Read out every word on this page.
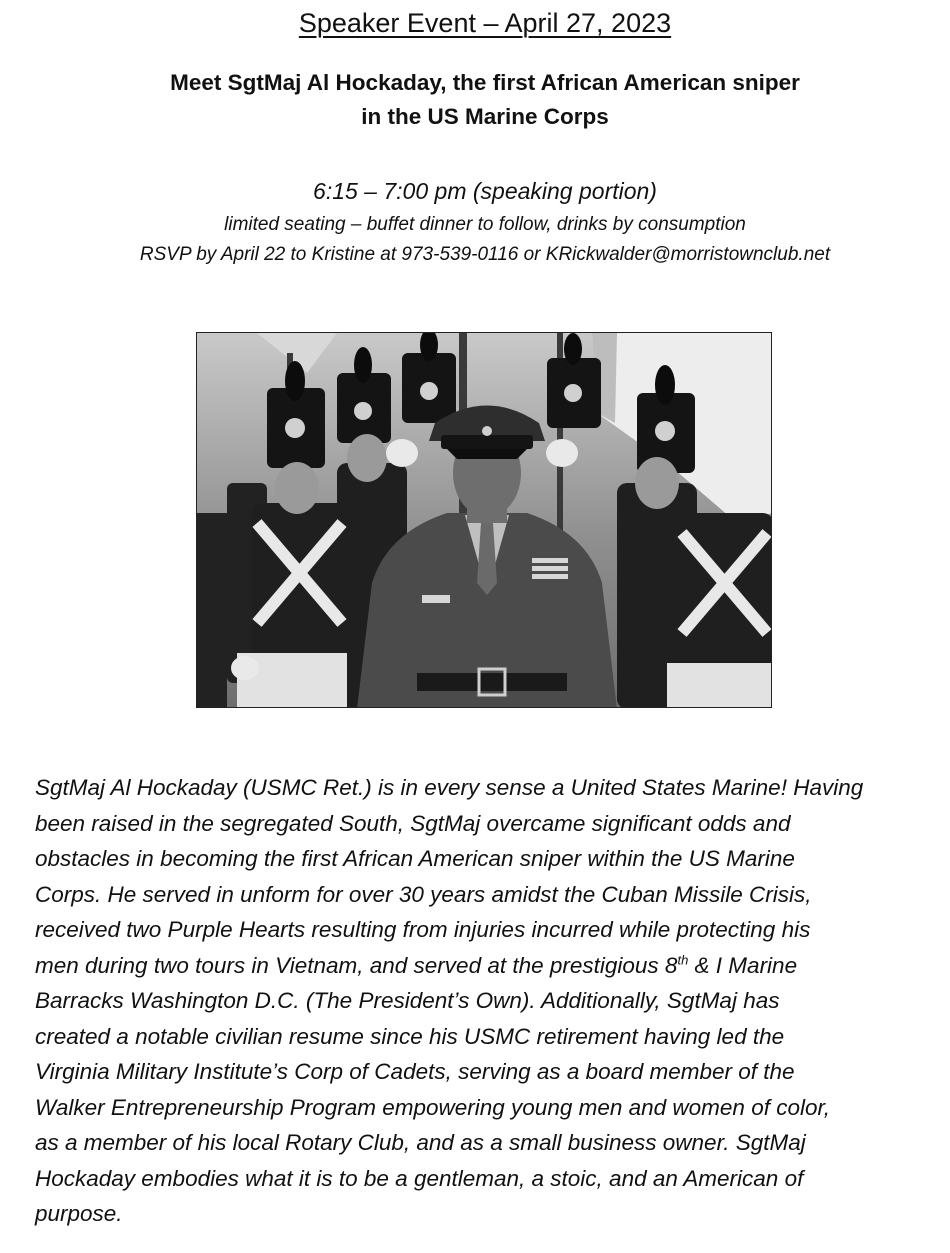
Speaker Event – April 27, 2023
Meet SgtMaj Al Hockaday, the first African American sniper
in the US Marine Corps
6:15 – 7:00 pm (speaking portion)
limited seating – buffet dinner to follow, drinks by consumption
RSVP by April 22 to Kristine at 973-539-0116 or KRickwalder@morristownclub.net
SgtMaj Al Hockaday (USMC Ret.) is in every sense a United States Marine! Having
been raised in the segregated South, SgtMaj overcame significant odds and
obstacles in becoming the first African American sniper within the US Marine
Corps. He served in unform for over 30 years amidst the Cuban Missile Crisis,
received two Purple Hearts resulting from injuries incurred while protecting his
men during two tours in Vietnam, and served at the prestigious 8th & I Marine
Barracks Washington D.C. (The President’s Own). Additionally, SgtMaj has
created a notable civilian resume since his USMC retirement having led the
Virginia Military Institute’s Corp of Cadets, serving as a board member of the
Walker Entrepreneurship Program empowering young men and women of color,
as a member of his local Rotary Club, and as a small business owner. SgtMaj
Hockaday embodies what it is to be a gentleman, a stoic, and an American of
purpose.
